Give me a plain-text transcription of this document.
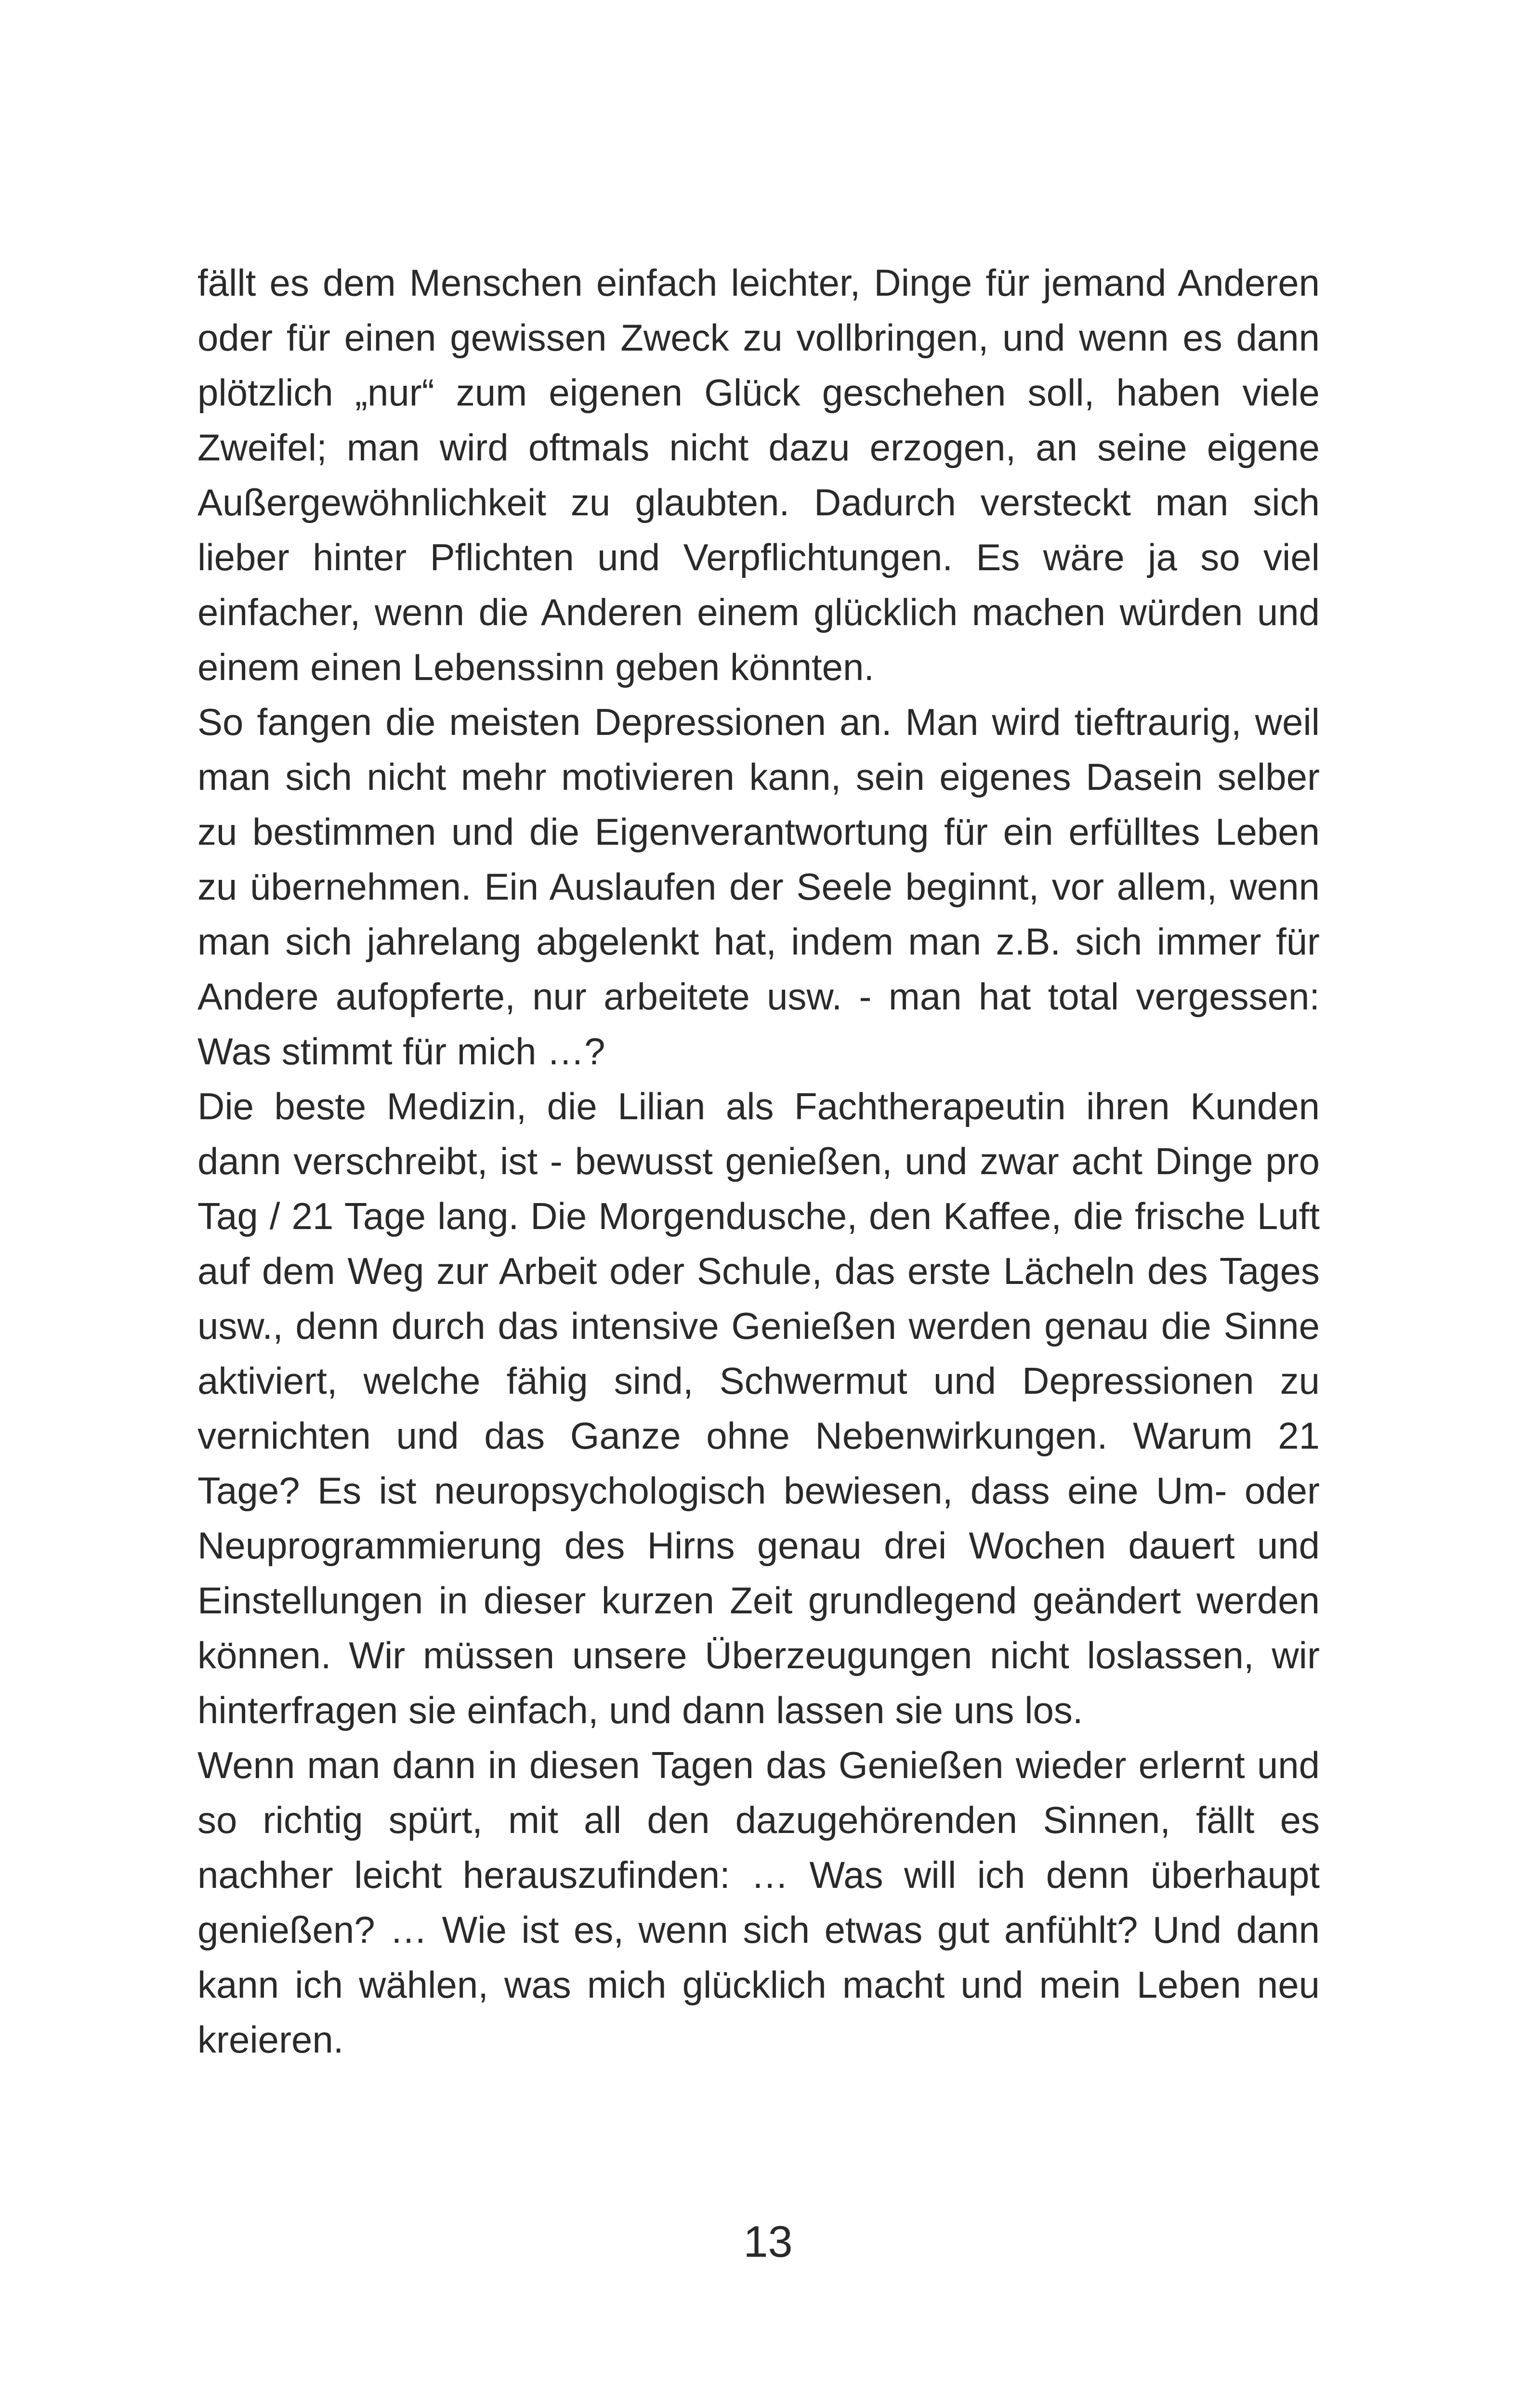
fällt es dem Menschen einfach leichter, Dinge für jemand Anderen oder für einen gewissen Zweck zu vollbringen, und wenn es dann plötzlich „nur“ zum eigenen Glück geschehen soll, haben viele Zweifel; man wird oftmals nicht dazu erzogen, an seine eigene Außergewöhnlichkeit zu glaubten. Dadurch versteckt man sich lieber hinter Pflichten und Verpflichtungen. Es wäre ja so viel einfacher, wenn die Anderen einem glücklich machen würden und einem einen Lebenssinn geben könnten.

So fangen die meisten Depressionen an. Man wird tieftraurig, weil man sich nicht mehr motivieren kann, sein eigenes Dasein selber zu bestimmen und die Eigenverantwortung für ein erfülltes Leben zu übernehmen. Ein Auslaufen der Seele beginnt, vor allem, wenn man sich jahrelang abgelenkt hat, indem man z.B. sich immer für Andere aufopferte, nur arbeitete usw. - man hat total vergessen: Was stimmt für mich …?

Die beste Medizin, die Lilian als Fachtherapeutin ihren Kunden dann verschreibt, ist - bewusst genießen, und zwar acht Dinge pro Tag / 21 Tage lang. Die Morgendusche, den Kaffee, die frische Luft auf dem Weg zur Arbeit oder Schule, das erste Lächeln des Tages usw., denn durch das intensive Genießen werden genau die Sinne aktiviert, welche fähig sind, Schwermut und Depressionen zu vernichten und das Ganze ohne Nebenwirkungen. Warum 21 Tage? Es ist neuropsychologisch bewiesen, dass eine Um- oder Neuprogrammierung des Hirns genau drei Wochen dauert und Einstellungen in dieser kurzen Zeit grundlegend geändert werden können. Wir müssen unsere Überzeugungen nicht loslassen, wir hinterfragen sie einfach, und dann lassen sie uns los.

Wenn man dann in diesen Tagen das Genießen wieder erlernt und so richtig spürt, mit all den dazugehörenden Sinnen, fällt es nachher leicht herauszufinden: … Was will ich denn überhaupt genießen? … Wie ist es, wenn sich etwas gut anfühlt? Und dann kann ich wählen, was mich glücklich macht und mein Leben neu kreieren.

13
